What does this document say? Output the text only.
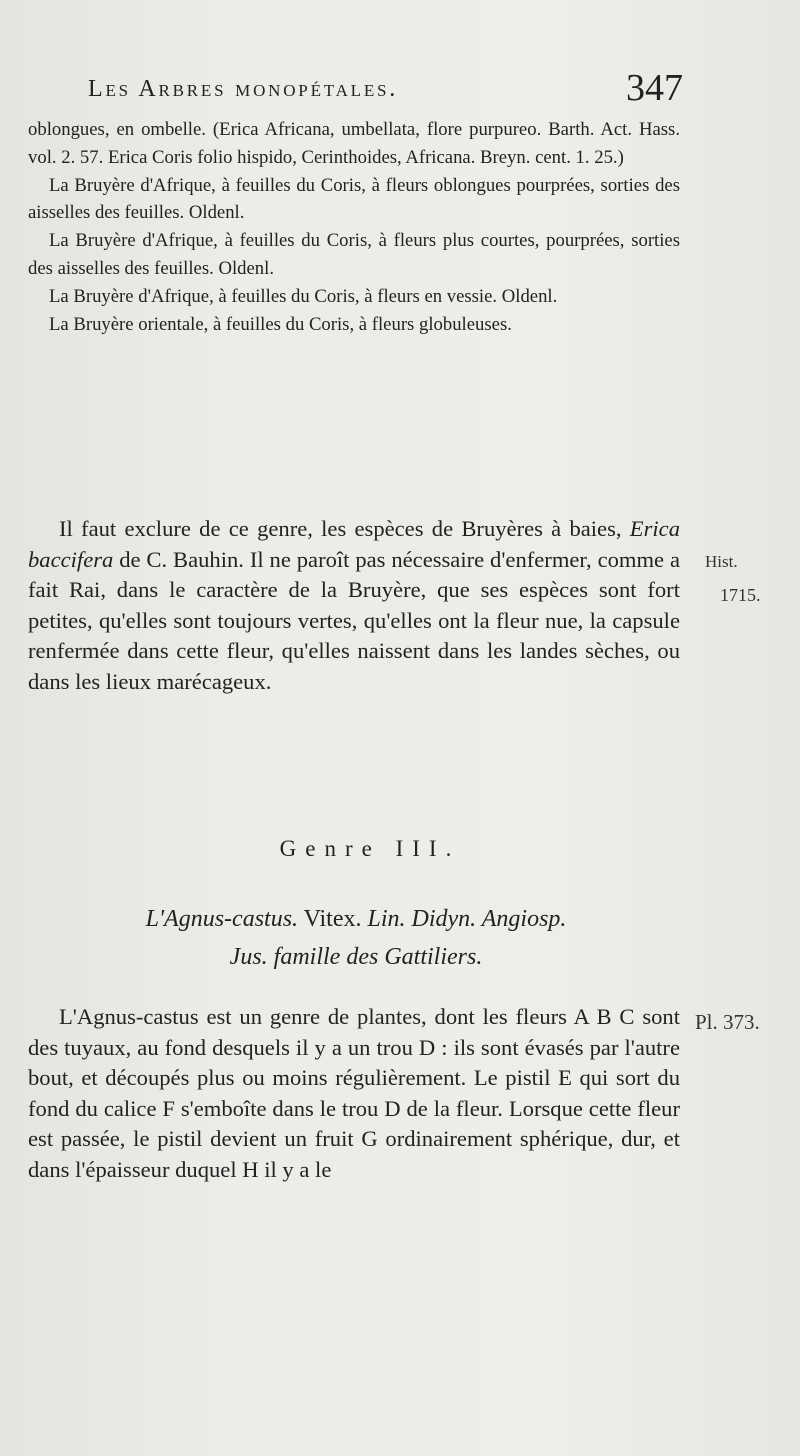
Les Arbres monopétales.	347

oblongues, en ombelle. (Erica Africana, umbellata, flore purpureo. Barth. Act. Hass. vol. 2. 57. Erica Coris folio hispido, Cerinthoides, Africana. Breyn. cent. 1. 25.)

La Bruyère d'Afrique, à feuilles du Coris, à fleurs oblongues pourprées, sorties des aisselles des feuilles. Oldenl.

La Bruyère d'Afrique, à feuilles du Coris, à fleurs plus courtes, pourprées, sorties des aisselles des feuilles. Oldenl.

La Bruyère d'Afrique, à feuilles du Coris, à fleurs en vessie. Oldenl.

La Bruyère orientale, à feuilles du Coris, à fleurs globuleuses.

Il faut exclure de ce genre, les espèces de Bruyères à baies, Erica baccifera de C. Bauhin. Il ne paroît pas nécessaire d'enfermer, comme a fait Rai, dans le caractère de la Bruyère, que ses espèces sont fort petites, qu'elles sont toujours vertes, qu'elles ont la fleur nue, la capsule renfermée dans cette fleur, qu'elles naissent dans les landes sèches, ou dans les lieux marécageux.

Hist.
1715.
Genre III.
L'Agnus-castus. Vitex. Lin. Didyn. Angiosp.
Jus. famille des Gattiliers.

L'Agnus-castus est un genre de plantes, dont les fleurs A B C sont des tuyaux, au fond desquels il y a un trou D : ils sont évasés par l'autre bout, et découpés plus ou moins régulièrement. Le pistil E qui sort du fond du calice F s'emboîte dans le trou D de la fleur. Lorsque cette fleur est passée, le pistil devient un fruit G ordinairement sphérique, dur, et dans l'épaisseur duquel H il y a le

Pl. 373.
